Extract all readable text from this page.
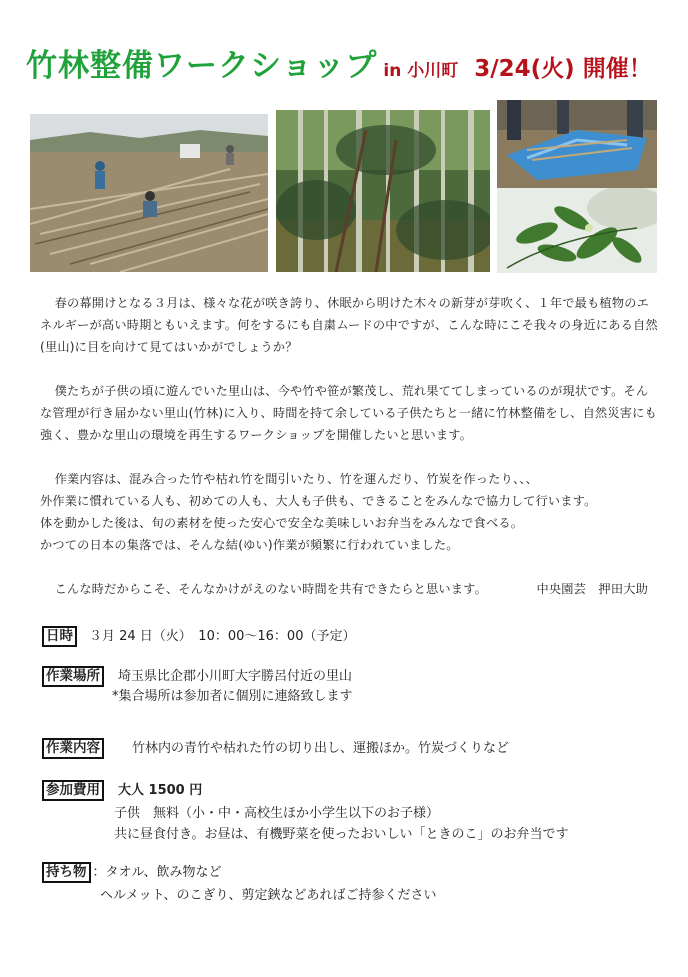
竹林整備ワークショップ in 小川町 3/24(火) 開催！

春の幕開けとなる３月は、様々な花が咲き誇り、休眠から明けた木々の新芽が芽吹く、１年で最も植物のエネルギーが高い時期ともいえます。何をするにも自粛ムードの中ですが、こんな時にこそ我々の身近にある自然(里山)に目を向けて見てはいかがでしょうか？

僕たちが子供の頃に遊んでいた里山は、今や竹や笹が繁茂し、荒れ果ててしまっているのが現状です。そんな管理が行き届かない里山(竹林)に入り、時間を持て余している子供たちと一緒に竹林整備をし、自然災害にも強く、豊かな里山の環境を再生するワークショップを開催したいと思います。

作業内容は、混み合った竹や枯れ竹を間引いたり、竹を運んだり、竹炭を作ったり、、、

外作業に慣れている人も、初めての人も、大人も子供も、できることをみんなで協力して行います。

体を動かした後は、旬の素材を使った安心で安全な美味しいお弁当をみんなで食べる。

かつての日本の集落では、そんな結(ゆい)作業が頻繁に行われていました。

こんな時だからこそ、そんなかけがえのない時間を共有できたらと思います。	中央園芸　押田大助
日時	３月 24 日（火）　10：00～16：00（予定）
作業場所	埼玉県比企郡小川町大字勝呂付近の里山
*集合場所は参加者に個別に連絡致します
作業内容	竹林内の青竹や枯れた竹の切り出し、運搬ほか。竹炭づくりなど
参加費用	大人 1500 円
子供　無料（小・中・高校生ほか小学生以下のお子様）
共に昼食付き。お昼は、有機野菜を使ったおいしい「ときのこ」のお弁当です
持ち物 ：タオル、飲み物など
ヘルメット、のこぎり、剪定鋏などあればご持参ください
